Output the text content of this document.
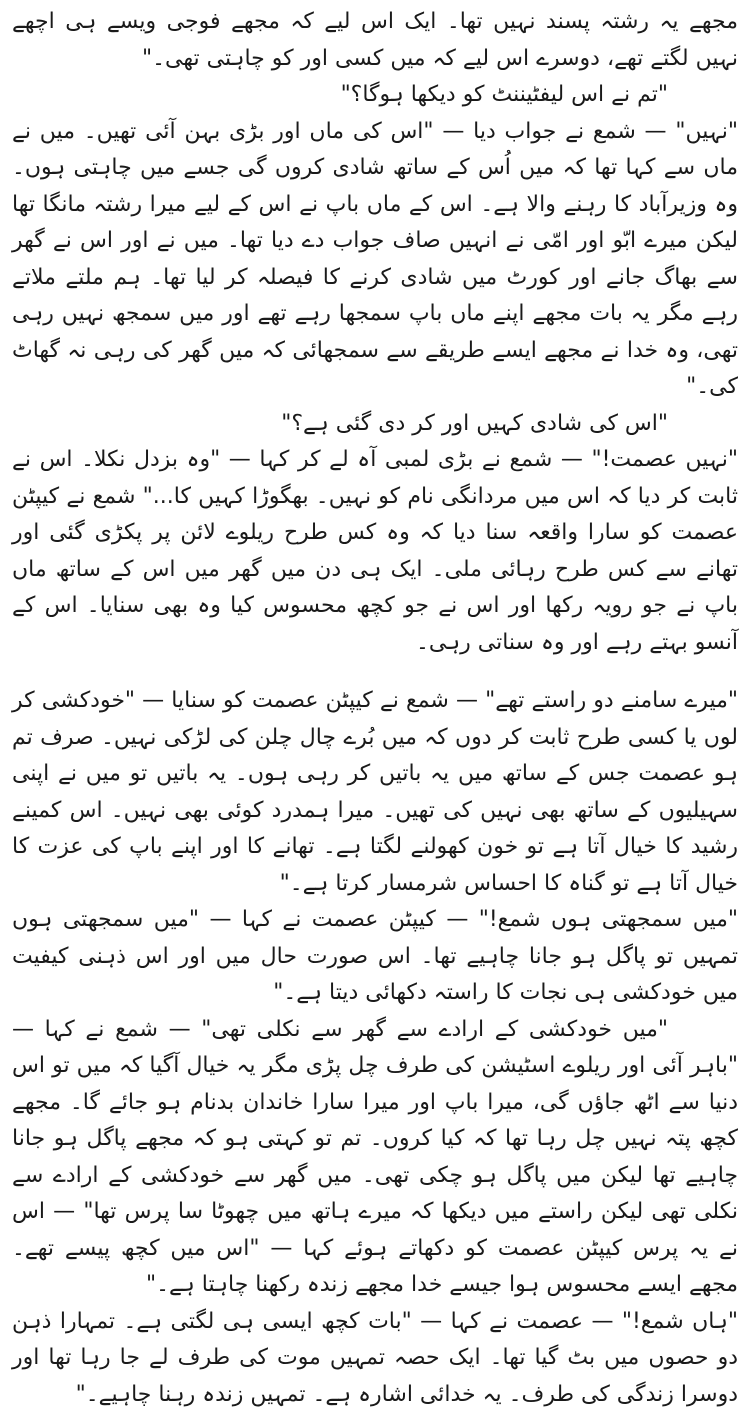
مجھے یہ رشتہ پسند نہیں تھا۔ ایک اس لیے کہ مجھے فوجی ویسے ہی اچھے نہیں لگتے تھے، دوسرے اس لیے کہ میں کسی اور کو چاہتی تھی۔"

"تم نے اس لیفٹیننٹ کو دیکھا ہوگا؟"

"نہیں" — شمع نے جواب دیا — "اس کی ماں اور بڑی بہن آئی تھیں۔ میں نے ماں سے کہا تھا کہ میں اُس کے ساتھ شادی کروں گی جسے میں چاہتی ہوں۔ وہ وزیرآباد کا رہنے والا ہے۔ اس کے ماں باپ نے اس کے لیے میرا رشتہ مانگا تھا لیکن میرے ابّو اور امّی نے انہیں صاف جواب دے دیا تھا۔ میں نے اور اس نے گھر سے بھاگ جانے اور کورٹ میں شادی کرنے کا فیصلہ کر لیا تھا۔ ہم ملتے ملاتے رہے مگر یہ بات مجھے اپنے ماں باپ سمجھا رہے تھے اور میں سمجھ نہیں رہی تھی، وہ خدا نے مجھے ایسے طریقے سے سمجھائی کہ میں گھر کی رہی نہ گھاٹ کی۔"

"اس کی شادی کہیں اور کر دی گئی ہے؟"

"نہیں عصمت!" — شمع نے بڑی لمبی آہ لے کر کہا — "وہ بزدل نکلا۔ اس نے ثابت کر دیا کہ اس میں مردانگی نام کو نہیں۔ بھگوڑا کہیں کا..." شمع نے کیپٹن عصمت کو سارا واقعہ سنا دیا کہ وہ کس طرح ریلوے لائن پر پکڑی گئی اور تھانے سے کس طرح رہائی ملی۔ ایک ہی دن میں گھر میں اس کے ساتھ ماں باپ نے جو رویہ رکھا اور اس نے جو کچھ محسوس کیا وہ بھی سنایا۔ اس کے آنسو بہتے رہے اور وہ سناتی رہی۔

"میرے سامنے دو راستے تھے" — شمع نے کیپٹن عصمت کو سنایا — "خودکشی کر لوں یا کسی طرح ثابت کر دوں کہ میں بُرے چال چلن کی لڑکی نہیں۔ صرف تم ہو عصمت جس کے ساتھ میں یہ باتیں کر رہی ہوں۔ یہ باتیں تو میں نے اپنی سہیلیوں کے ساتھ بھی نہیں کی تھیں۔ میرا ہمدرد کوئی بھی نہیں۔ اس کمینے رشید کا خیال آتا ہے تو خون کھولنے لگتا ہے۔ تھانے کا اور اپنے باپ کی عزت کا خیال آتا ہے تو گناہ کا احساس شرمسار کرتا ہے۔"

"میں سمجھتی ہوں شمع!" — کیپٹن عصمت نے کہا — "میں سمجھتی ہوں تمہیں تو پاگل ہو جانا چاہیے تھا۔ اس صورت حال میں اور اس ذہنی کیفیت میں خودکشی ہی نجات کا راستہ دکھائی دیتا ہے۔"

"میں خودکشی کے ارادے سے گھر سے نکلی تھی" — شمع نے کہا — "باہر آئی اور ریلوے اسٹیشن کی طرف چل پڑی مگر یہ خیال آگیا کہ میں تو اس دنیا سے اٹھ جاؤں گی، میرا باپ اور میرا سارا خاندان بدنام ہو جائے گا۔ مجھے کچھ پتہ نہیں چل رہا تھا کہ کیا کروں۔ تم تو کہتی ہو کہ مجھے پاگل ہو جانا چاہیے تھا لیکن میں پاگل ہو چکی تھی۔ میں گھر سے خودکشی کے ارادے سے نکلی تھی لیکن راستے میں دیکھا کہ میرے ہاتھ میں چھوٹا سا پرس تھا" — اس نے یہ پرس کیپٹن عصمت کو دکھاتے ہوئے کہا — "اس میں کچھ پیسے تھے۔ مجھے ایسے محسوس ہوا جیسے خدا مجھے زندہ رکھنا چاہتا ہے۔"

"ہاں شمع!" — عصمت نے کہا — "بات کچھ ایسی ہی لگتی ہے۔ تمہارا ذہن دو حصوں میں بٹ گیا تھا۔ ایک حصہ تمہیں موت کی طرف لے جا رہا تھا اور دوسرا زندگی کی طرف۔ یہ خدائی اشارہ ہے۔ تمہیں زندہ رہنا چاہیے۔"
